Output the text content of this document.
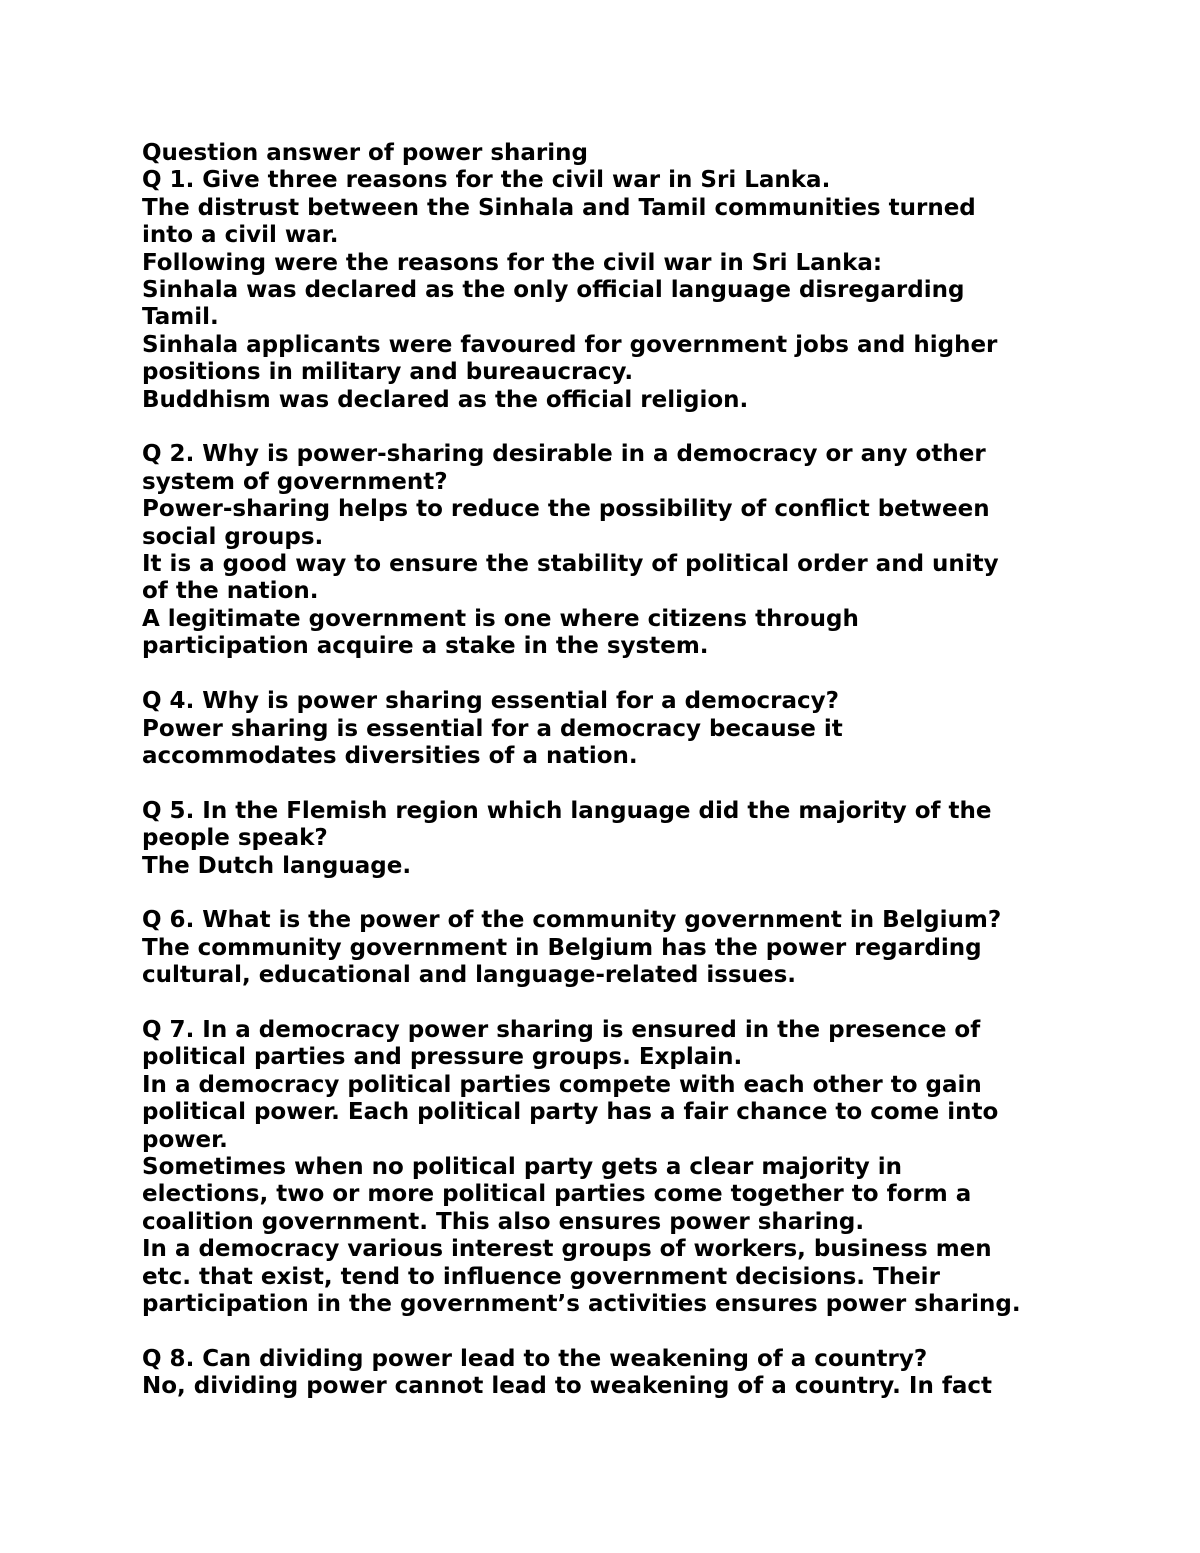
Question answer of power sharing
Q 1. Give three reasons for the civil war in Sri Lanka.
The distrust between the Sinhala and Tamil communities turned
into a civil war.
Following were the reasons for the civil war in Sri Lanka:
Sinhala was declared as the only official language disregarding
Tamil.
Sinhala applicants were favoured for government jobs and higher
positions in military and bureaucracy.
Buddhism was declared as the official religion.
Q 2. Why is power-sharing desirable in a democracy or any other
system of government?
Power-sharing helps to reduce the possibility of conflict between
social groups.
It is a good way to ensure the stability of political order and unity
of the nation.
A legitimate government is one where citizens through
participation acquire a stake in the system.
Q 4. Why is power sharing essential for a democracy?
Power sharing is essential for a democracy because it
accommodates diversities of a nation.
Q 5. In the Flemish region which language did the majority of the
people speak?
The Dutch language.
Q 6. What is the power of the community government in Belgium?
The community government in Belgium has the power regarding
cultural, educational and language-related issues.
Q 7. In a democracy power sharing is ensured in the presence of
political parties and pressure groups. Explain.
In a democracy political parties compete with each other to gain
political power. Each political party has a fair chance to come into
power.
Sometimes when no political party gets a clear majority in
elections, two or more political parties come together to form a
coalition government. This also ensures power sharing.
In a democracy various interest groups of workers, business men
etc. that exist, tend to influence government decisions. Their
participation in the government’s activities ensures power sharing.
Q 8. Can dividing power lead to the weakening of a country?
No, dividing power cannot lead to weakening of a country. In fact
